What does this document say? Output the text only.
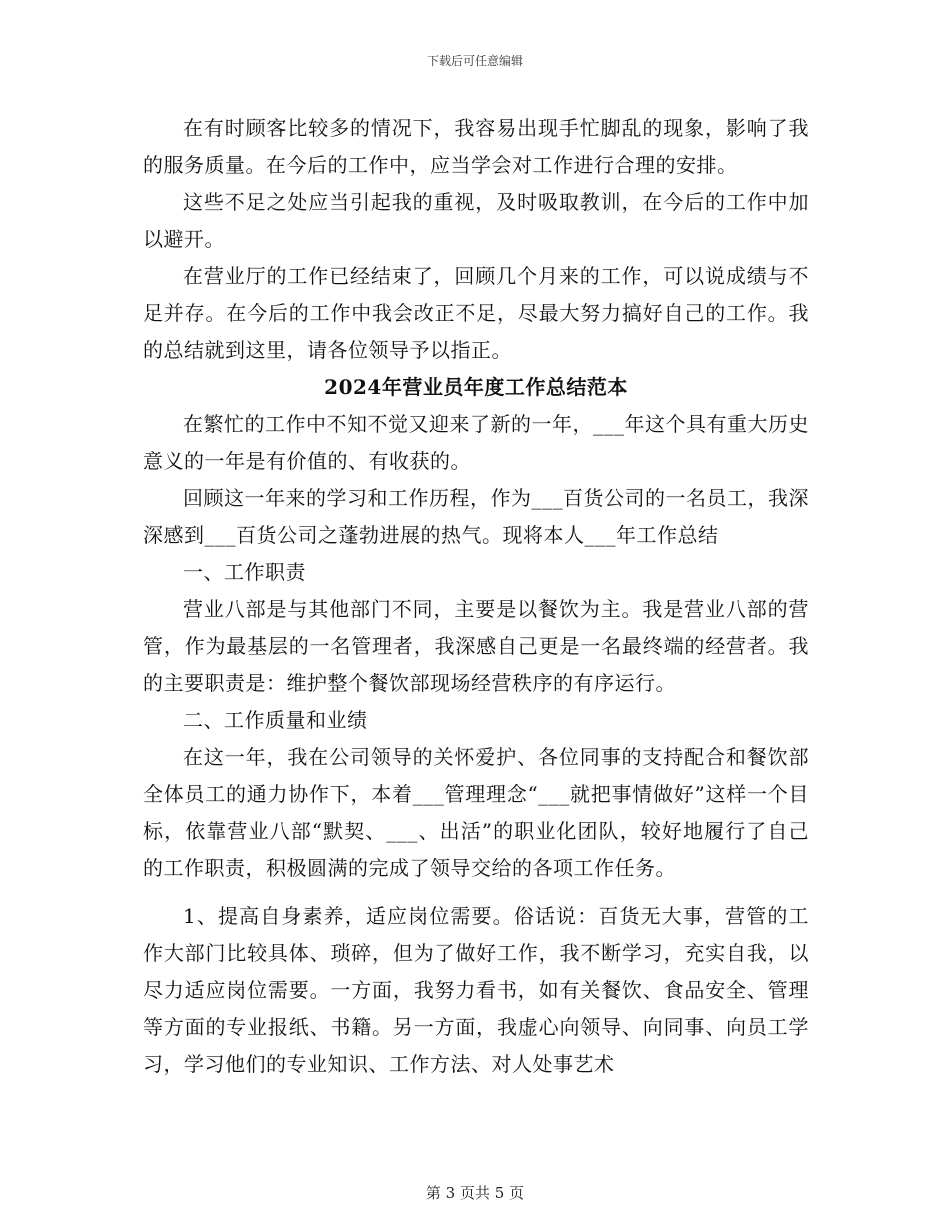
下载后可任意编辑

在有时顾客比较多的情况下，我容易出现手忙脚乱的现象，影响了我的服务质量。在今后的工作中，应当学会对工作进行合理的安排。

这些不足之处应当引起我的重视，及时吸取教训，在今后的工作中加以避开。

在营业厅的工作已经结束了，回顾几个月来的工作，可以说成绩与不足并存。在今后的工作中我会改正不足，尽最大努力搞好自己的工作。我的总结就到这里，请各位领导予以指正。

2024年营业员年度工作总结范本

在繁忙的工作中不知不觉又迎来了新的一年，___年这个具有重大历史意义的一年是有价值的、有收获的。

回顾这一年来的学习和工作历程，作为___百货公司的一名员工，我深深感到___百货公司之蓬勃进展的热气。现将本人___年工作总结

一、工作职责

营业八部是与其他部门不同，主要是以餐饮为主。我是营业八部的营管，作为最基层的一名管理者，我深感自己更是一名最终端的经营者。我的主要职责是：维护整个餐饮部现场经营秩序的有序运行。

二、工作质量和业绩

在这一年，我在公司领导的关怀爱护、各位同事的支持配合和餐饮部全体员工的通力协作下，本着___管理理念“___就把事情做好”这样一个目标，依靠营业八部“默契、___、出活”的职业化团队，较好地履行了自己的工作职责，积极圆满的完成了领导交给的各项工作任务。

1、提高自身素养，适应岗位需要。俗话说：百货无大事，营管的工作大部门比较具体、琐碎，但为了做好工作，我不断学习，充实自我，以尽力适应岗位需要。一方面，我努力看书，如有关餐饮、食品安全、管理等方面的专业报纸、书籍。另一方面，我虚心向领导、向同事、向员工学习，学习他们的专业知识、工作方法、对人处事艺术

第 3 页共 5 页
